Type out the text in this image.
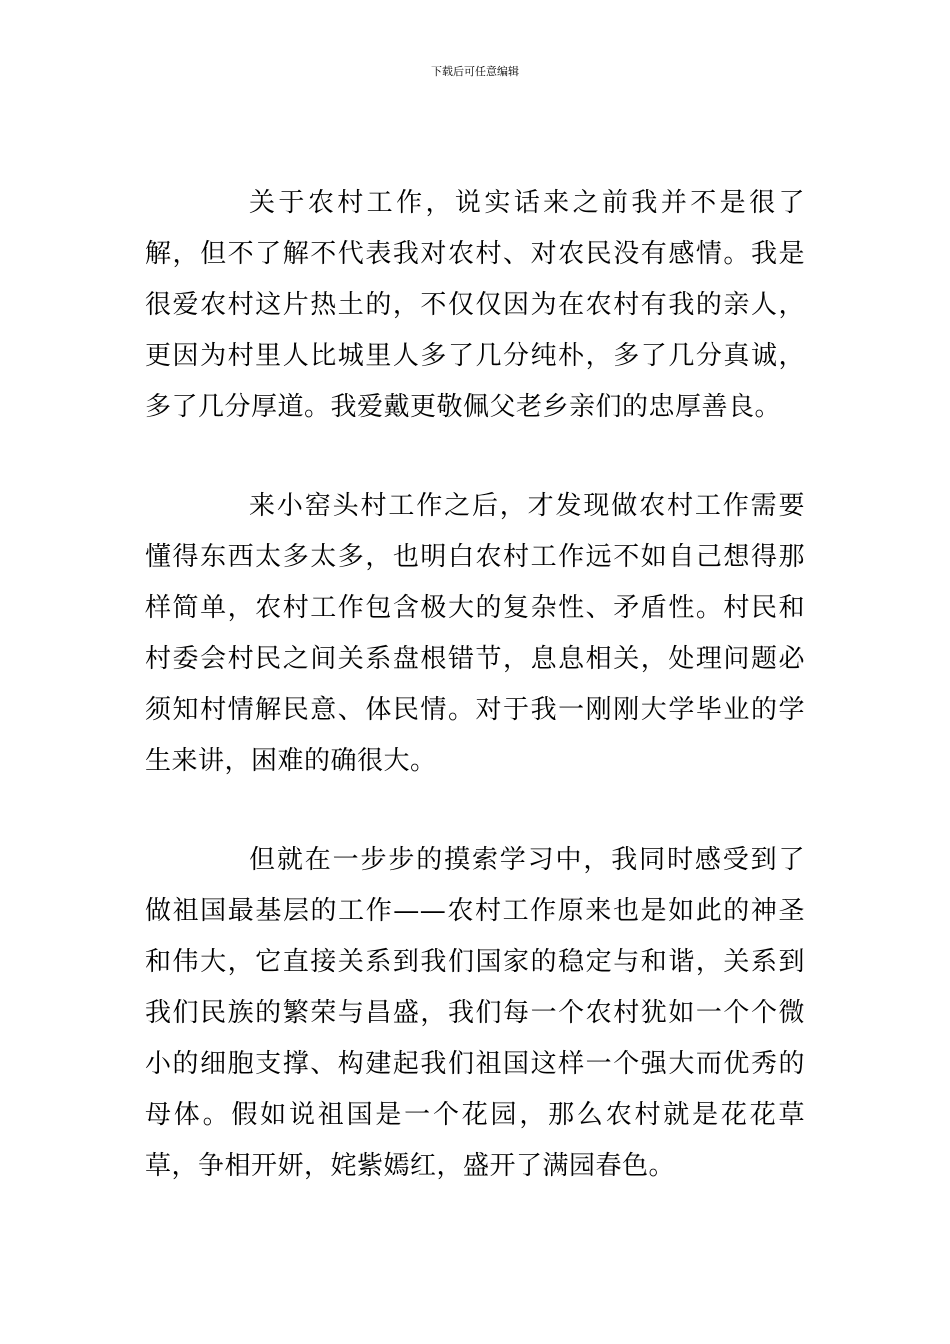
下载后可任意编辑

关于农村工作，说实话来之前我并不是很了解，但不了解不代表我对农村、对农民没有感情。我是很爱农村这片热土的，不仅仅因为在农村有我的亲人，更因为村里人比城里人多了几分纯朴，多了几分真诚，多了几分厚道。我爱戴更敬佩父老乡亲们的忠厚善良。

来小窑头村工作之后，才发现做农村工作需要懂得东西太多太多，也明白农村工作远不如自己想得那样简单，农村工作包含极大的复杂性、矛盾性。村民和村委会村民之间关系盘根错节，息息相关，处理问题必须知村情解民意、体民情。对于我一刚刚大学毕业的学生来讲，困难的确很大。

但就在一步步的摸索学习中，我同时感受到了做祖国最基层的工作——农村工作原来也是如此的神圣和伟大，它直接关系到我们国家的稳定与和谐，关系到我们民族的繁荣与昌盛，我们每一个农村犹如一个个微小的细胞支撑、构建起我们祖国这样一个强大而优秀的母体。假如说祖国是一个花园，那么农村就是花花草草，争相开妍，姹紫嫣红，盛开了满园春色。
